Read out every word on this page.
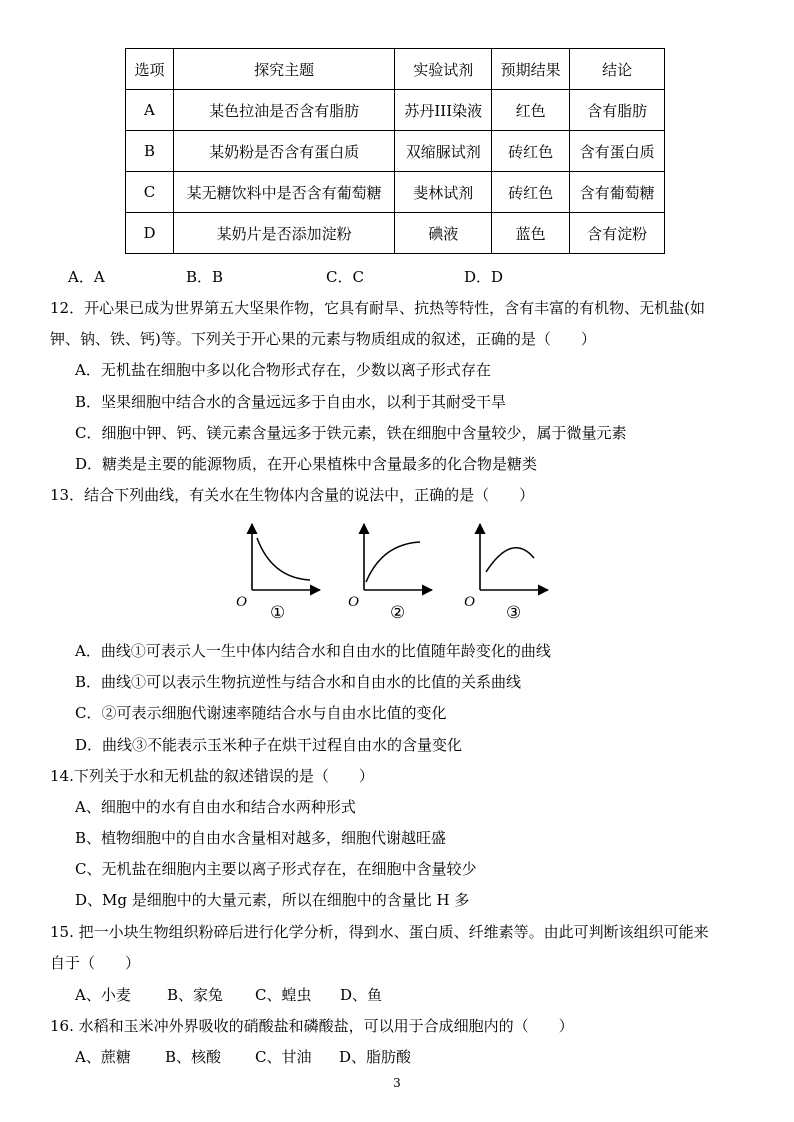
选项	探究主题	实验试剂	预期结果	结论
A	某色拉油是否含有脂肪	苏丹III染液	红色	含有脂肪
B	某奶粉是否含有蛋白质	双缩脲试剂	砖红色	含有蛋白质
C	某无糖饮料中是否含有葡萄糖	斐林试剂	砖红色	含有葡萄糖
D	某奶片是否添加淀粉	碘液	蓝色	含有淀粉
A．A	B．B	C．C	D．D
12．开心果已成为世界第五大坚果作物，它具有耐旱、抗热等特性，含有丰富的有机物、无机盐(如
钾、钠、铁、钙)等。下列关于开心果的元素与物质组成的叙述，正确的是（　　）
A．无机盐在细胞中多以化合物形式存在，少数以离子形式存在
B．坚果细胞中结合水的含量远远多于自由水，以利于其耐受干旱
C．细胞中钾、钙、镁元素含量远多于铁元素，铁在细胞中含量较少，属于微量元素
D．糖类是主要的能源物质，在开心果植株中含量最多的化合物是糖类
13．结合下列曲线，有关水在生物体内含量的说法中，正确的是（　　）
O
①
O
②
O
③
A．曲线①可表示人一生中体内结合水和自由水的比值随年龄变化的曲线
B．曲线①可以表示生物抗逆性与结合水和自由水的比值的关系曲线
C．②可表示细胞代谢速率随结合水与自由水比值的变化
D．曲线③不能表示玉米种子在烘干过程自由水的含量变化
14.下列关于水和无机盐的叙述错误的是（　　）
A、细胞中的水有自由水和结合水两种形式
B、植物细胞中的自由水含量相对越多，细胞代谢越旺盛
C、无机盐在细胞内主要以离子形式存在，在细胞中含量较少
D、Mg 是细胞中的大量元素，所以在细胞中的含量比 H 多
15. 把一小块生物组织粉碎后进行化学分析，得到水、蛋白质、纤维素等。由此可判断该组织可能来
自于（　　）
A、小麦 B、家兔 C、蝗虫 D、鱼
16. 水稻和玉米冲外界吸收的硝酸盐和磷酸盐，可以用于合成细胞内的（　　）
A、蔗糖 B、核酸 C、甘油 D、脂肪酸
3
